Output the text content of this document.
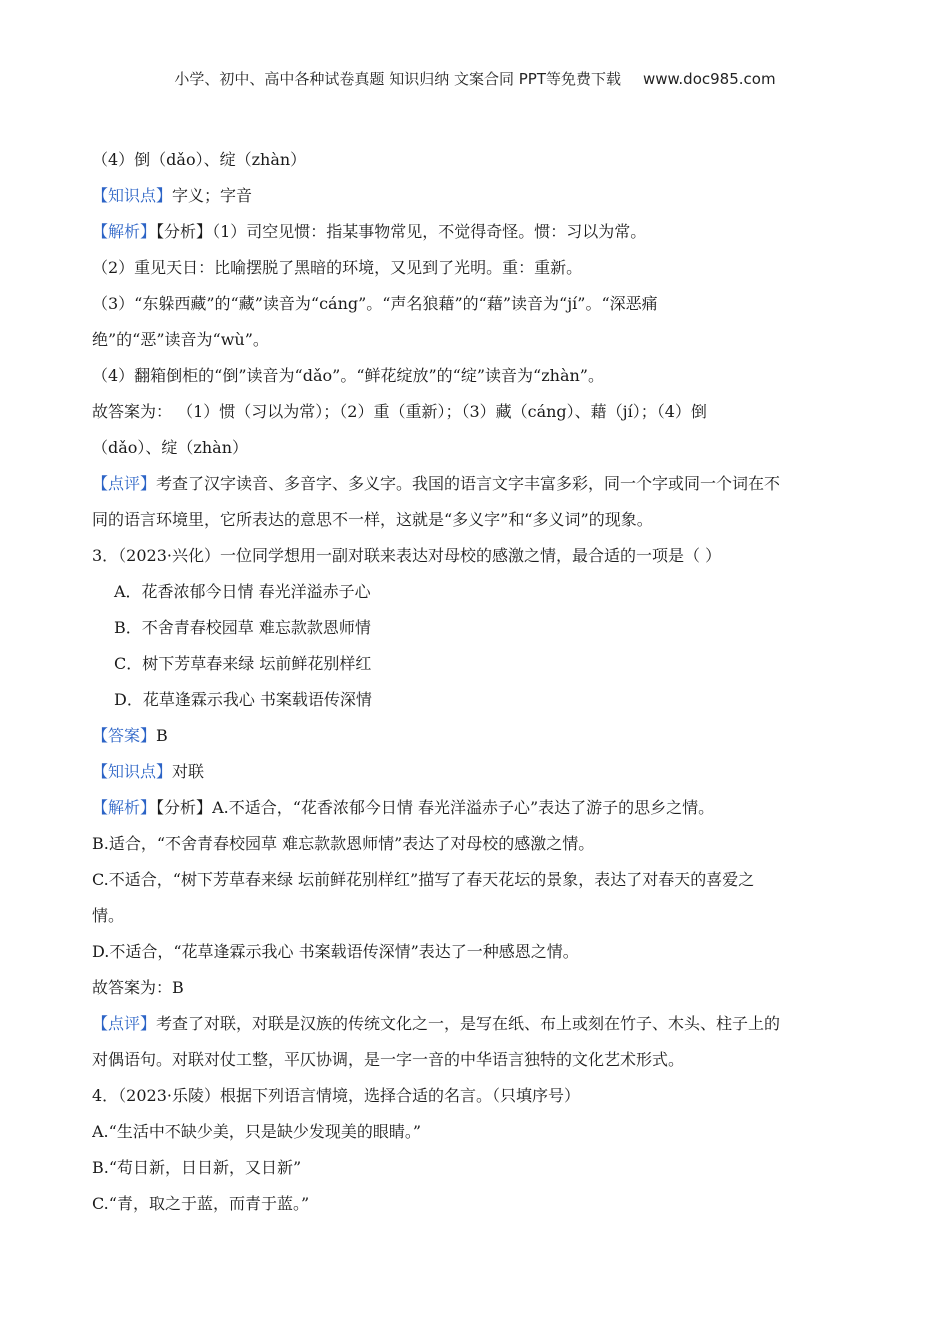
小学、初中、高中各种试卷真题 知识归纳 文案合同 PPT等免费下载 www.doc985.com
（4）倒（dǎo）、绽（zhàn）
【知识点】字义；字音
【解析】【分析】（1）司空见惯：指某事物常见，不觉得奇怪。惯：习以为常。
（2）重见天日：比喻摆脱了黑暗的环境，又见到了光明。重：重新。
（3）“东躲西藏”的“藏”读音为“cáng”。“声名狼藉”的“藉”读音为“jí”。“深恶痛
绝”的“恶”读音为“wù”。
（4）翻箱倒柜的“倒”读音为“dǎo”。“鲜花绽放”的“绽”读音为“zhàn”。
故答案为： （1）惯（习以为常）；（2）重（重新）；（3）藏（cáng）、藉（jí）；（4）倒
（dǎo）、绽（zhàn）
【点评】考查了汉字读音、多音字、多义字。我国的语言文字丰富多彩，同一个字或同一个词在不
同的语言环境里，它所表达的意思不一样，这就是“多义字”和“多义词”的现象。
3．（2023·兴化）一位同学想用一副对联来表达对母校的感激之情，最合适的一项是（ ）
A．花香浓郁今日情 春光洋溢赤子心
B．不舍青春校园草 难忘款款恩师情
C．树下芳草春来绿 坛前鲜花别样红
D．花草逢霖示我心 书案载语传深情
【答案】B
【知识点】对联
【解析】【分析】A.不适合，“花香浓郁今日情 春光洋溢赤子心”表达了游子的思乡之情。
B.适合，“不舍青春校园草 难忘款款恩师情”表达了对母校的感激之情。
C.不适合，“树下芳草春来绿 坛前鲜花别样红”描写了春天花坛的景象，表达了对春天的喜爱之
情。
D.不适合，“花草逢霖示我心 书案载语传深情”表达了一种感恩之情。
故答案为：B
【点评】考查了对联，对联是汉族的传统文化之一，是写在纸、布上或刻在竹子、木头、柱子上的
对偶语句。对联对仗工整，平仄协调，是一字一音的中华语言独特的文化艺术形式。
4．（2023·乐陵）根据下列语言情境，选择合适的名言。（只填序号）
A.“生活中不缺少美，只是缺少发现美的眼睛。”
B.“苟日新，日日新，又日新”
C.“青，取之于蓝，而青于蓝。”
